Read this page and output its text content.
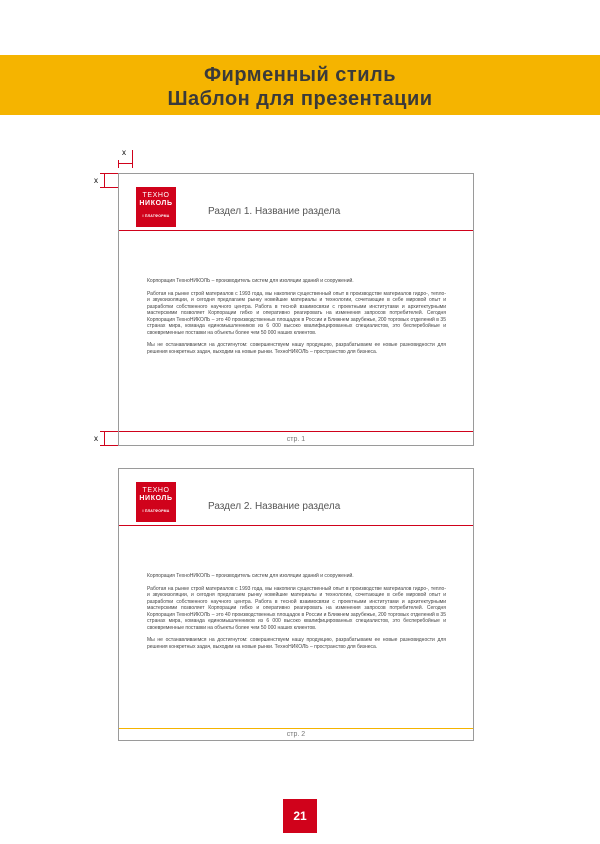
Фирменный стиль
Шаблон для презентации
x
x
x
ТЕХНО
НИКОЛЬ
I ПЛАТФОРМА	Раздел 1. Название раздела

Корпорация ТехноНИКОЛЬ – производитель систем для изоляции зданий и сооружений.

Работая на рынке строй материалов с 1993 года, мы накопили существенный опыт в производстве материалов гидро-, тепло- и звукоизоляции, и сегодня предлагаем рынку новейшие материалы и технологии, сочетающие в себе мировой опыт и разработки собственного научного центра. Работа в тесной взаимосвязи с проектными институтами и архитектурными мастерскими позволяет Корпорации гибко и оперативно реагировать на изменения запросов потребителей. Сегодня Корпорация ТехноНИКОЛЬ – это 40 производственных площадок в России и Ближнем зарубежье, 200 торговых отделений в 35 странах мира, команда единомышленников из 6 000 высоко квалифицированных специалистов, это бесперебойные и своевременные поставки на объекты более чем 50 000 наших клиентов.

Мы не останавливаемся на достигнутом: совершенствуем нашу продукцию, разрабатываем ее новые разновидности для решения конкретных задач, выходим на новые рынки. ТехноНИКОЛЬ – пространство для бизнеса.

стр. 1
ТЕХНО
НИКОЛЬ
I ПЛАТФОРМА	Раздел 2. Название раздела

Корпорация ТехноНИКОЛЬ – производитель систем для изоляции зданий и сооружений.

Работая на рынке строй материалов с 1993 года, мы накопили существенный опыт в производстве материалов гидро-, тепло- и звукоизоляции, и сегодня предлагаем рынку новейшие материалы и технологии, сочетающие в себе мировой опыт и разработки собственного научного центра. Работа в тесной взаимосвязи с проектными институтами и архитектурными мастерскими позволяет Корпорации гибко и оперативно реагировать на изменения запросов потребителей. Сегодня Корпорация ТехноНИКОЛЬ – это 40 производственных площадок в России и Ближнем зарубежье, 200 торговых отделений в 35 странах мира, команда единомышленников из 6 000 высоко квалифицированных специалистов, это бесперебойные и своевременные поставки на объекты более чем 50 000 наших клиентов.

Мы не останавливаемся на достигнутом: совершенствуем нашу продукцию, разрабатываем ее новые разновидности для решения конкретных задач, выходим на новые рынки. ТехноНИКОЛЬ – пространство для бизнеса.

стр. 2
21
